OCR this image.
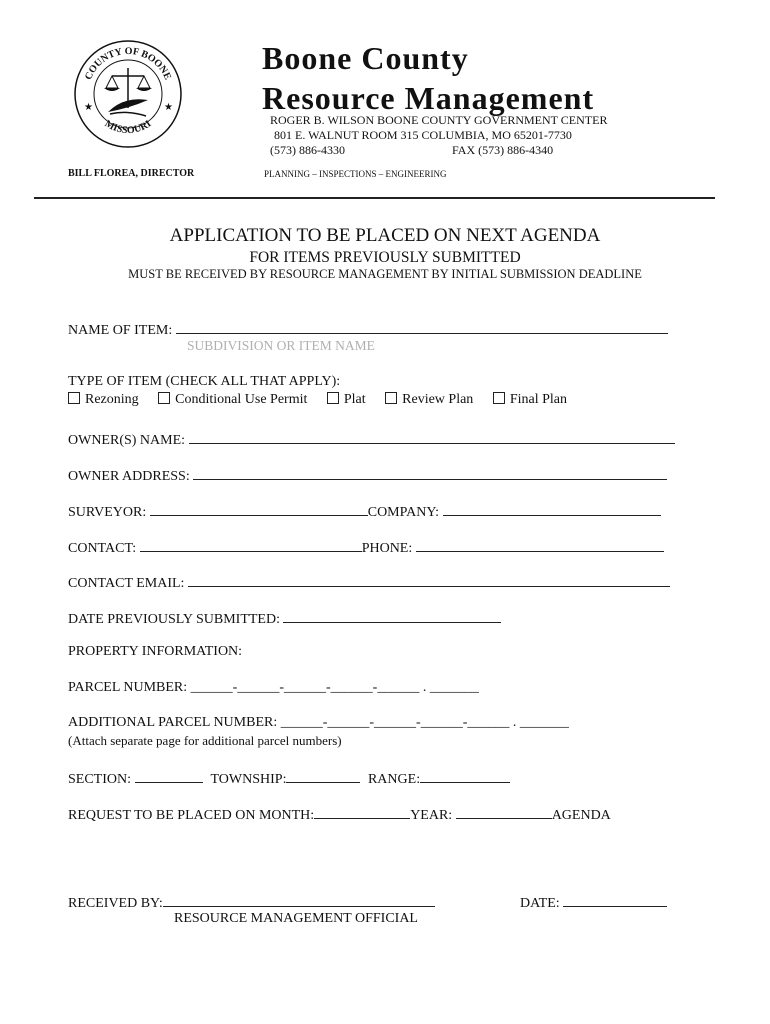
COUNTY OF BOONE
MISSOURI
★	★
Boone County
Resource Management
ROGER B. WILSON BOONE COUNTY GOVERNMENT CENTER
801 E. WALNUT ROOM 315 COLUMBIA, MO 65201-7730
(573) 886-4330	FAX (573) 886-4340
BILL FLOREA, DIRECTOR	PLANNING – INSPECTIONS – ENGINEERING
APPLICATION TO BE PLACED ON NEXT AGENDA
FOR ITEMS PREVIOUSLY SUBMITTED
MUST BE RECEIVED BY RESOURCE MANAGEMENT BY INITIAL SUBMISSION DEADLINE
NAME OF ITEM:
SUBDIVISION OR ITEM NAME
TYPE OF ITEM (CHECK ALL THAT APPLY):
Rezoning	Conditional Use Permit	Plat	Review Plan	Final Plan
OWNER(S) NAME:
OWNER ADDRESS:
SURVEYOR:	COMPANY:
CONTACT:	PHONE:
CONTACT EMAIL:
DATE PREVIOUSLY SUBMITTED:
PROPERTY INFORMATION:
PARCEL NUMBER: ______-______-______-______-______ . _______
ADDITIONAL PARCEL NUMBER: ______-______-______-______-______ . _______
(Attach separate page for additional parcel numbers)
SECTION:	TOWNSHIP:	RANGE:
REQUEST TO BE PLACED ON MONTH:	YEAR:	AGENDA
RECEIVED BY:	DATE:
RESOURCE MANAGEMENT OFFICIAL
